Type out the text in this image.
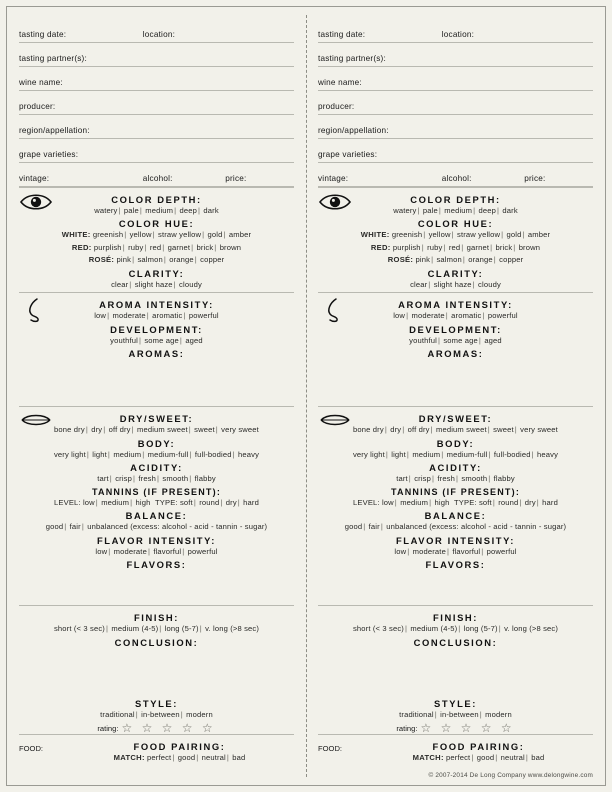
tasting date:	location:
tasting partner(s):
wine name:
producer:
region/appellation:
grape varieties:
vintage:	alcohol:	price:
COLOR DEPTH:
watery| pale| medium| deep| dark
COLOR HUE:
WHITE: greenish| yellow| straw yellow| gold| amber
RED: purplish| ruby| red| garnet| brick| brown
ROSÉ: pink| salmon| orange| copper
CLARITY:
clear| slight haze| cloudy
AROMA INTENSITY:
low| moderate| aromatic| powerful
DEVELOPMENT:
youthful| some age| aged
AROMAS:
DRY/SWEET:
bone dry| dry| off dry| medium sweet| sweet| very sweet
BODY:
very light| light| medium| medium-full| full-bodied| heavy
ACIDITY:
tart| crisp| fresh| smooth| flabby
TANNINS (IF PRESENT):
LEVEL: low| medium| high TYPE: soft| round| dry| hard
BALANCE:
good| fair| unbalanced (excess: alcohol - acid - tannin - sugar)
FLAVOR INTENSITY:
low| moderate| flavorful| powerful
FLAVORS:
FINISH:
short (< 3 sec)| medium (4-5)| long (5-7)| v. long (>8 sec)
CONCLUSION:
STYLE:
traditional| in-between| modern
rating: ☆ ☆ ☆ ☆ ☆
FOOD:	FOOD PAIRING:
MATCH: perfect| good| neutral| bad
tasting date:	location:
tasting partner(s):
wine name:
producer:
region/appellation:
grape varieties:
vintage:	alcohol:	price:
COLOR DEPTH:
watery| pale| medium| deep| dark
COLOR HUE:
WHITE: greenish| yellow| straw yellow| gold| amber
RED: purplish| ruby| red| garnet| brick| brown
ROSÉ: pink| salmon| orange| copper
CLARITY:
clear| slight haze| cloudy
AROMA INTENSITY:
low| moderate| aromatic| powerful
DEVELOPMENT:
youthful| some age| aged
AROMAS:
DRY/SWEET:
bone dry| dry| off dry| medium sweet| sweet| very sweet
BODY:
very light| light| medium| medium-full| full-bodied| heavy
ACIDITY:
tart| crisp| fresh| smooth| flabby
TANNINS (IF PRESENT):
LEVEL: low| medium| high TYPE: soft| round| dry| hard
BALANCE:
good| fair| unbalanced (excess: alcohol - acid - tannin - sugar)
FLAVOR INTENSITY:
low| moderate| flavorful| powerful
FLAVORS:
FINISH:
short (< 3 sec)| medium (4-5)| long (5-7)| v. long (>8 sec)
CONCLUSION:
STYLE:
traditional| in-between| modern
rating: ☆ ☆ ☆ ☆ ☆
FOOD:	FOOD PAIRING:
MATCH: perfect| good| neutral| bad
© 2007-2014 De Long Company www.delongwine.com
